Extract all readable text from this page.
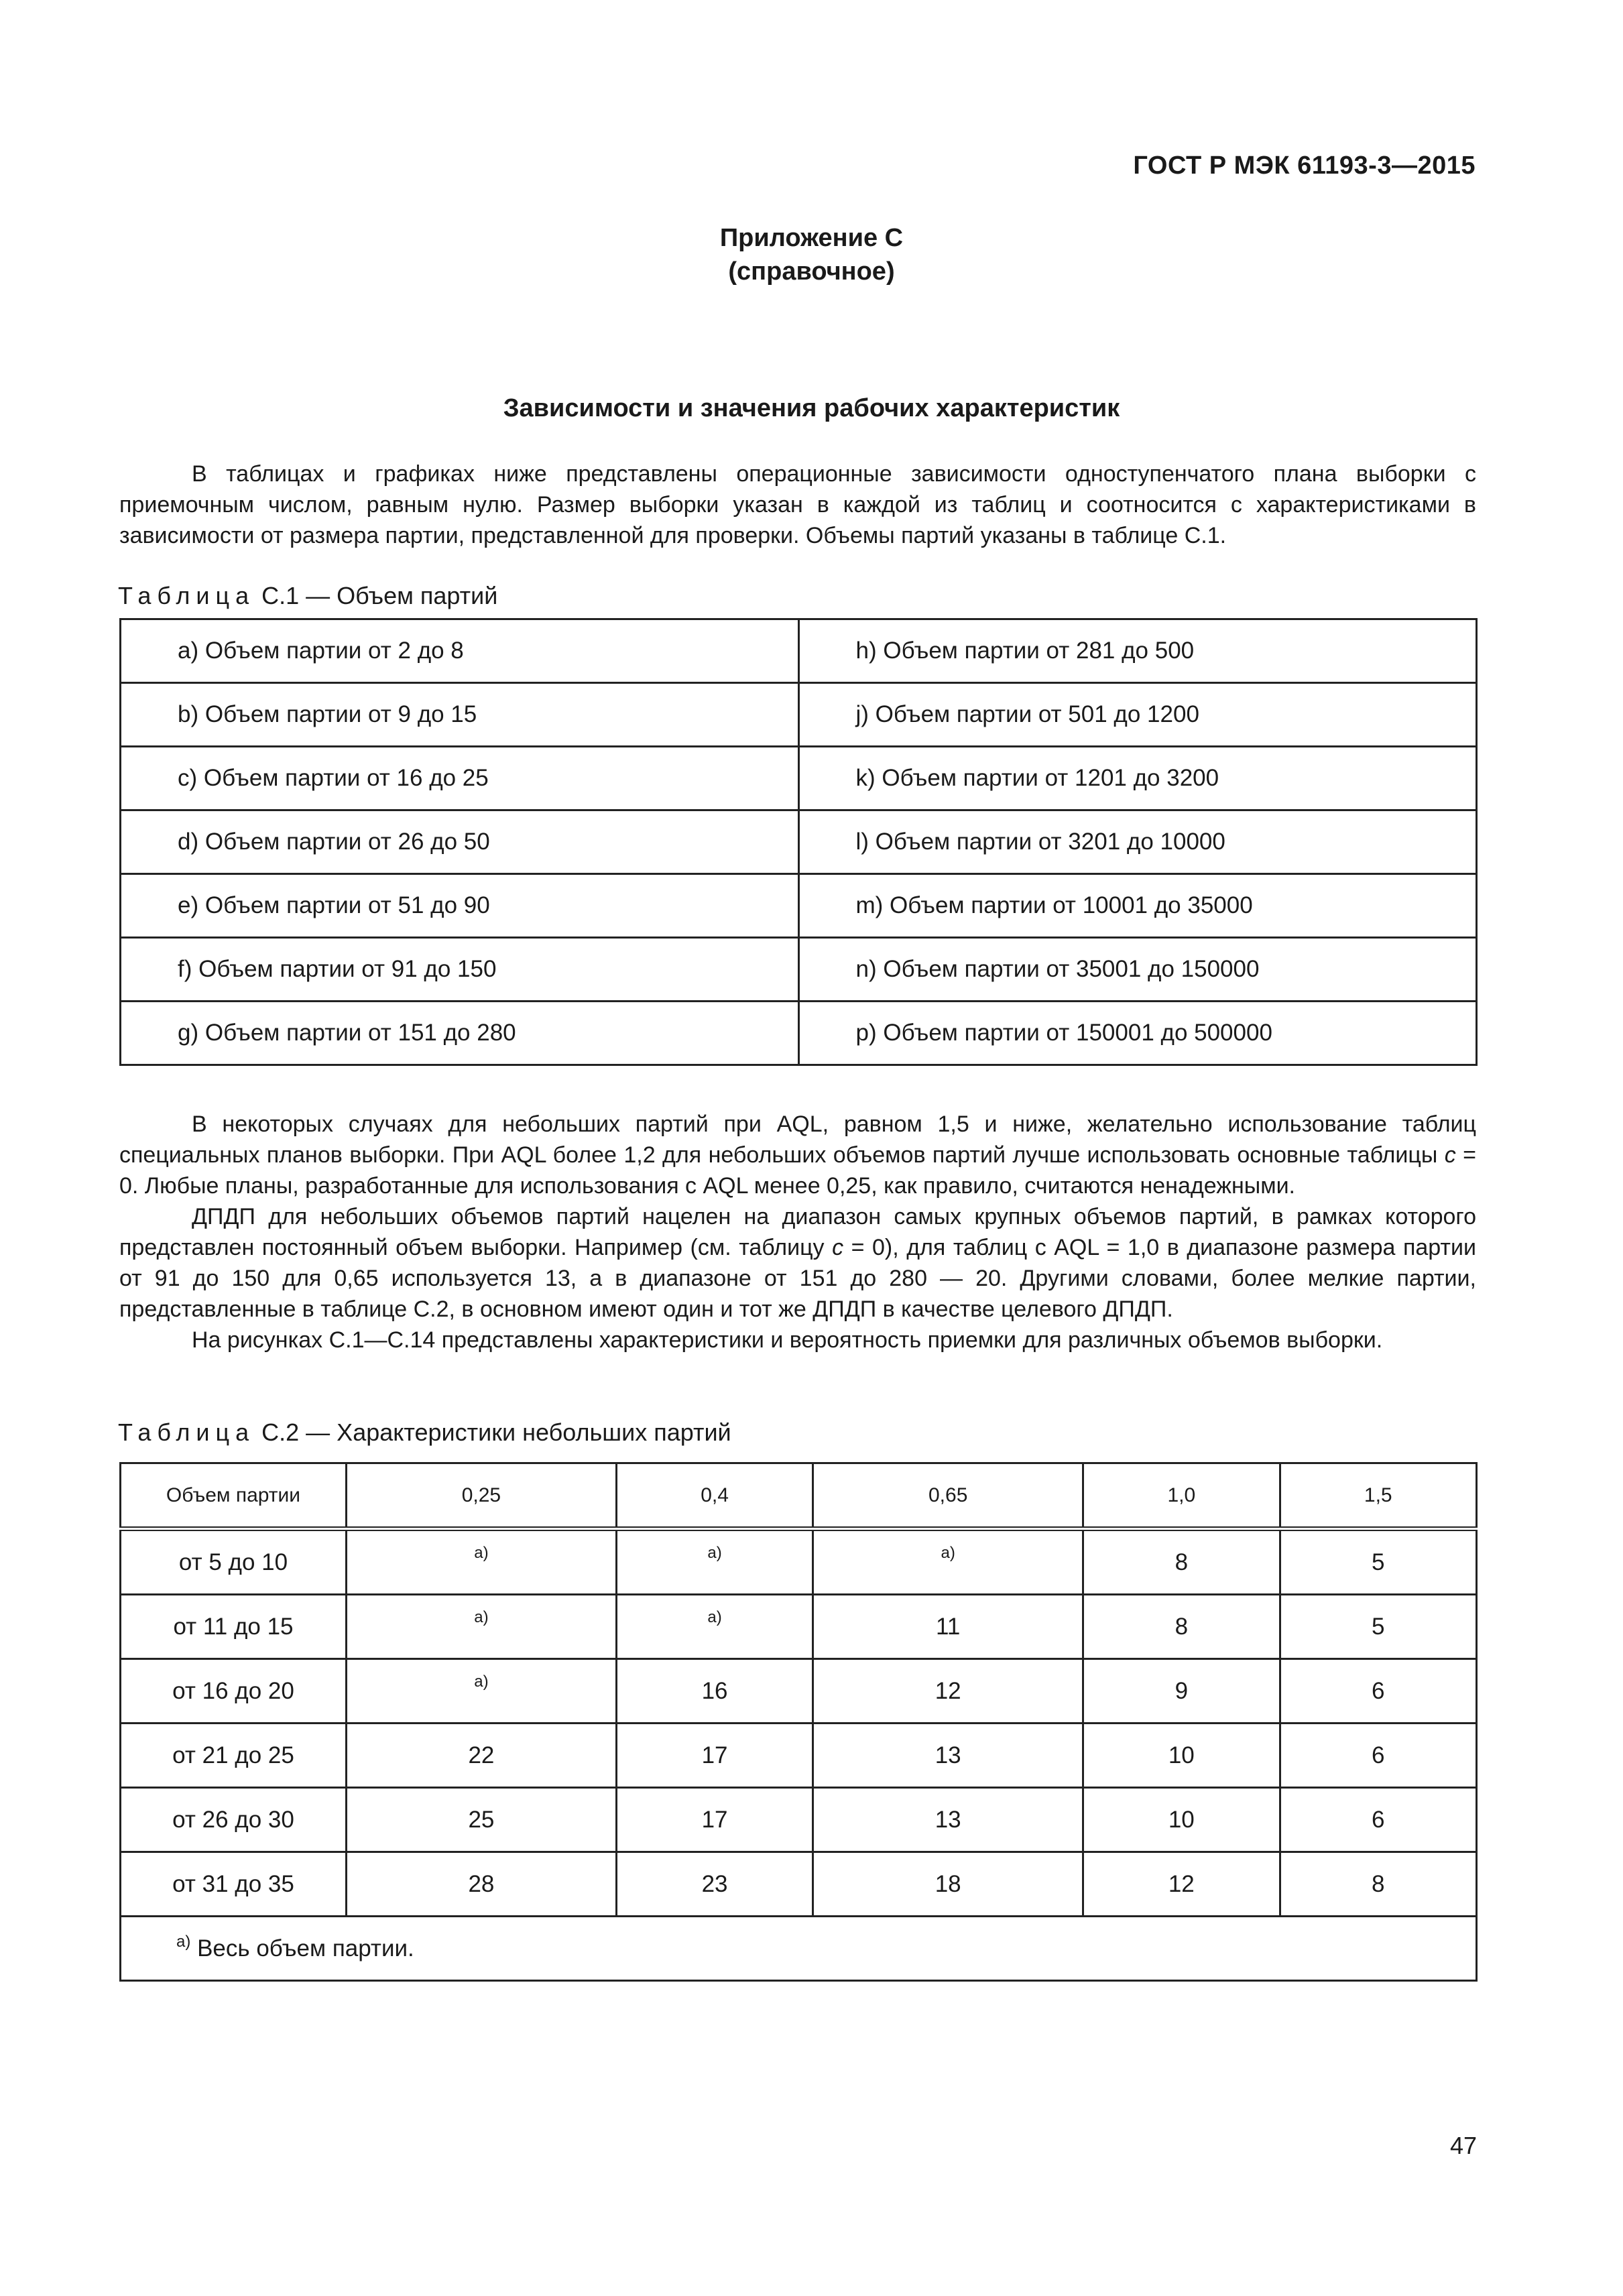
ГОСТ Р МЭК 61193-3—2015
Приложение С
(справочное)
Зависимости и значения рабочих характеристик

В таблицах и графиках ниже представлены операционные зависимости одноступенчатого плана выборки с приемочным числом, равным нулю. Размер выборки указан в каждой из таблиц и соотносится с характеристиками в зависимости от размера партии, представленной для проверки. Объемы партий указаны в таблице С.1.

Таблица С.1 — Объем партий
a) Объем партии от 2 до 8	h) Объем партии от 281 до 500
b) Объем партии от 9 до 15	j) Объем партии от 501 до 1200
c) Объем партии от 16 до 25	k) Объем партии от 1201 до 3200
d) Объем партии от 26 до 50	l) Объем партии от 3201 до 10000
e) Объем партии от 51 до 90	m) Объем партии от 10001 до 35000
f) Объем партии от 91 до 150	n) Объем партии от 35001 до 150000
g) Объем партии от 151 до 280	p) Объем партии от 150001 до 500000
В некоторых случаях для небольших партий при AQL, равном 1,5 и ниже, желательно использование таблиц специальных планов выборки. При AQL более 1,2 для небольших объемов партий лучше использовать основные таблицы c = 0. Любые планы, разработанные для использования с AQL менее 0,25, как правило, считаются ненадежными.
ДПДП для небольших объемов партий нацелен на диапазон самых крупных объемов партий, в рамках которого представлен постоянный объем выборки. Например (см. таблицу c = 0), для таблиц с AQL = 1,0 в диапазоне размера партии от 91 до 150 для 0,65 используется 13, а в диапазоне от 151 до 280 — 20. Другими словами, более мелкие партии, представленные в таблице С.2, в основном имеют один и тот же ДПДП в качестве целевого ДПДП.
На рисунках С.1—С.14 представлены характеристики и вероятность приемки для различных объемов выборки.
Таблица С.2 — Характеристики небольших партий
Объем партии	0,25	0,4	0,65	1,0	1,5
от 5 до 10	$^{a)}$	$^{a)}$	$^{a)}$	8	5
от 11 до 15	$^{a)}$	$^{a)}$	11	8	5
от 16 до 20	$^{a)}$	16	12	9	6
от 21 до 25	22	17	13	10	6
от 26 до 30	25	17	13	10	6
от 31 до 35	28	23	18	12	8
$^{a)}$ Весь объем партии.					
47
